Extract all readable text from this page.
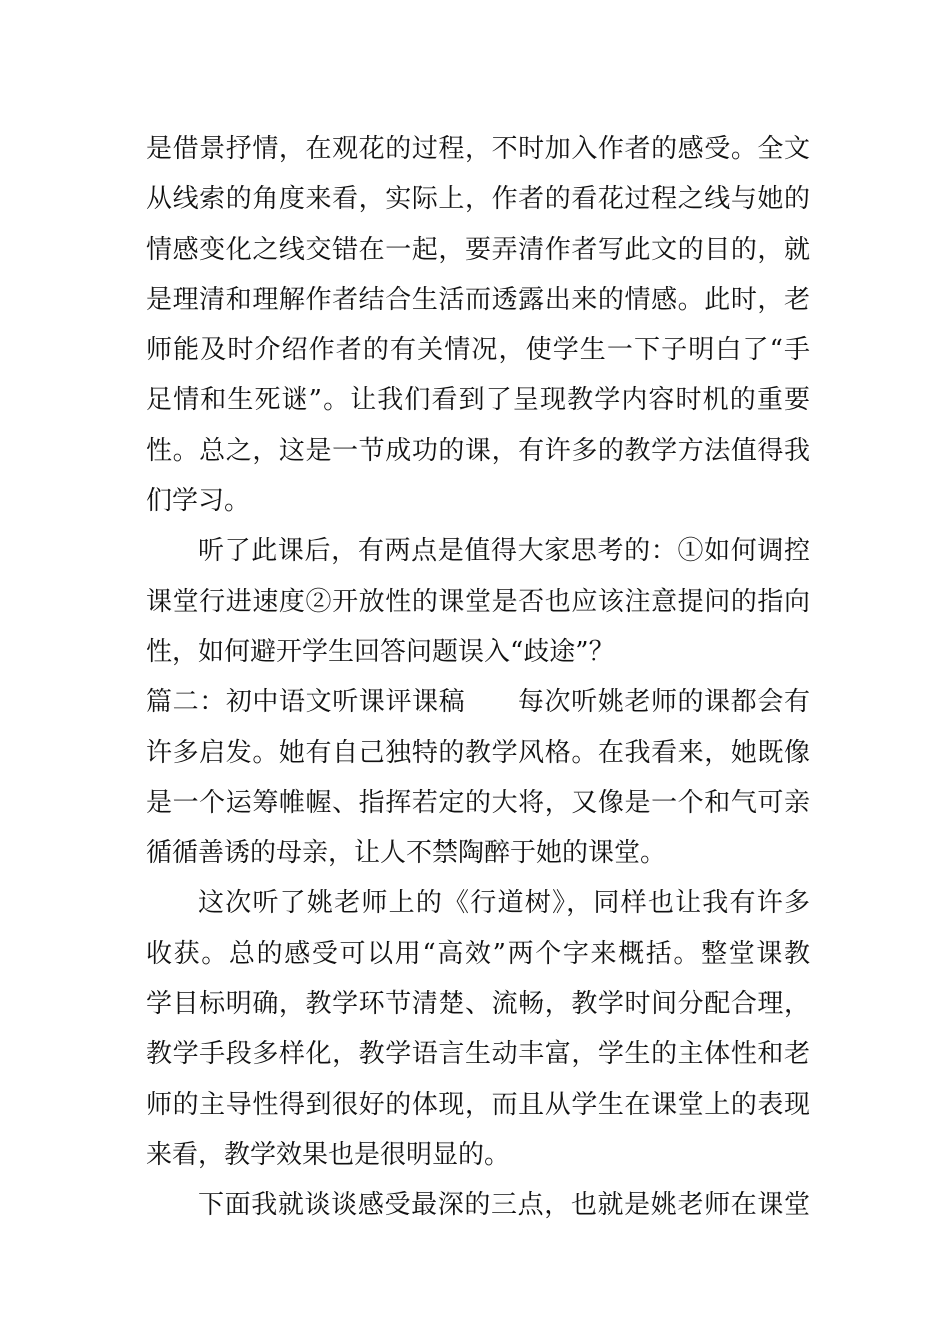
是借景抒情，在观花的过程，不时加入作者的感受。全文
从线索的角度来看，实际上，作者的看花过程之线与她的
情感变化之线交错在一起，要弄清作者写此文的目的，就
是理清和理解作者结合生活而透露出来的情感。此时，老
师能及时介绍作者的有关情况，使学生一下子明白了“手
足情和生死谜”。让我们看到了呈现教学内容时机的重要
性。总之，这是一节成功的课，有许多的教学方法值得我
们学习。
听了此课后，有两点是值得大家思考的：①如何调控
课堂行进速度②开放性的课堂是否也应该注意提问的指向
性，如何避开学生回答问题误入“歧途”？
篇二：初中语文听课评课稿 每次听姚老师的课都会有
许多启发。她有自己独特的教学风格。在我看来，她既像
是一个运筹帷幄、指挥若定的大将，又像是一个和气可亲
循循善诱的母亲，让人不禁陶醉于她的课堂。
这次听了姚老师上的《行道树》，同样也让我有许多
收获。总的感受可以用“高效”两个字来概括。整堂课教
学目标明确，教学环节清楚、流畅，教学时间分配合理，
教学手段多样化，教学语言生动丰富，学生的主体性和老
师的主导性得到很好的体现，而且从学生在课堂上的表现
来看，教学效果也是很明显的。
下面我就谈谈感受最深的三点，也就是姚老师在课堂
